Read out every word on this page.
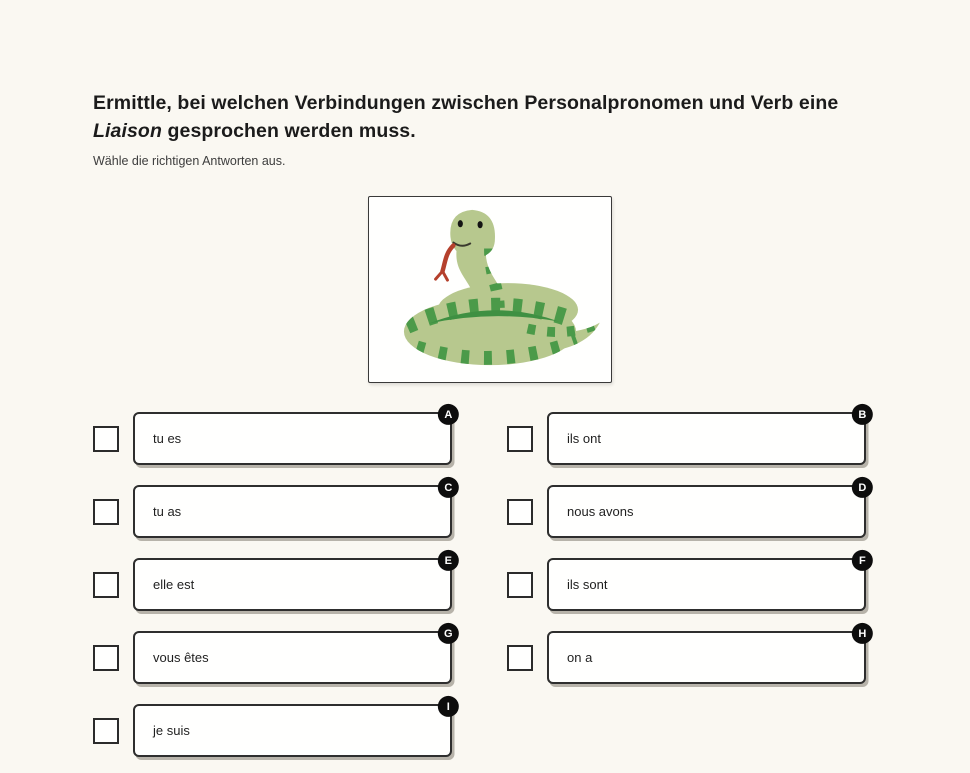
Ermittle, bei welchen Verbindungen zwischen Personalpronomen und Verb eine Liaison gesprochen werden muss.
Wähle die richtigen Antworten aus.
A
tu es
B
ils ont
C
tu as
D
nous avons
E
elle est
F
ils sont
G
vous êtes
H
on a
I
je suis
